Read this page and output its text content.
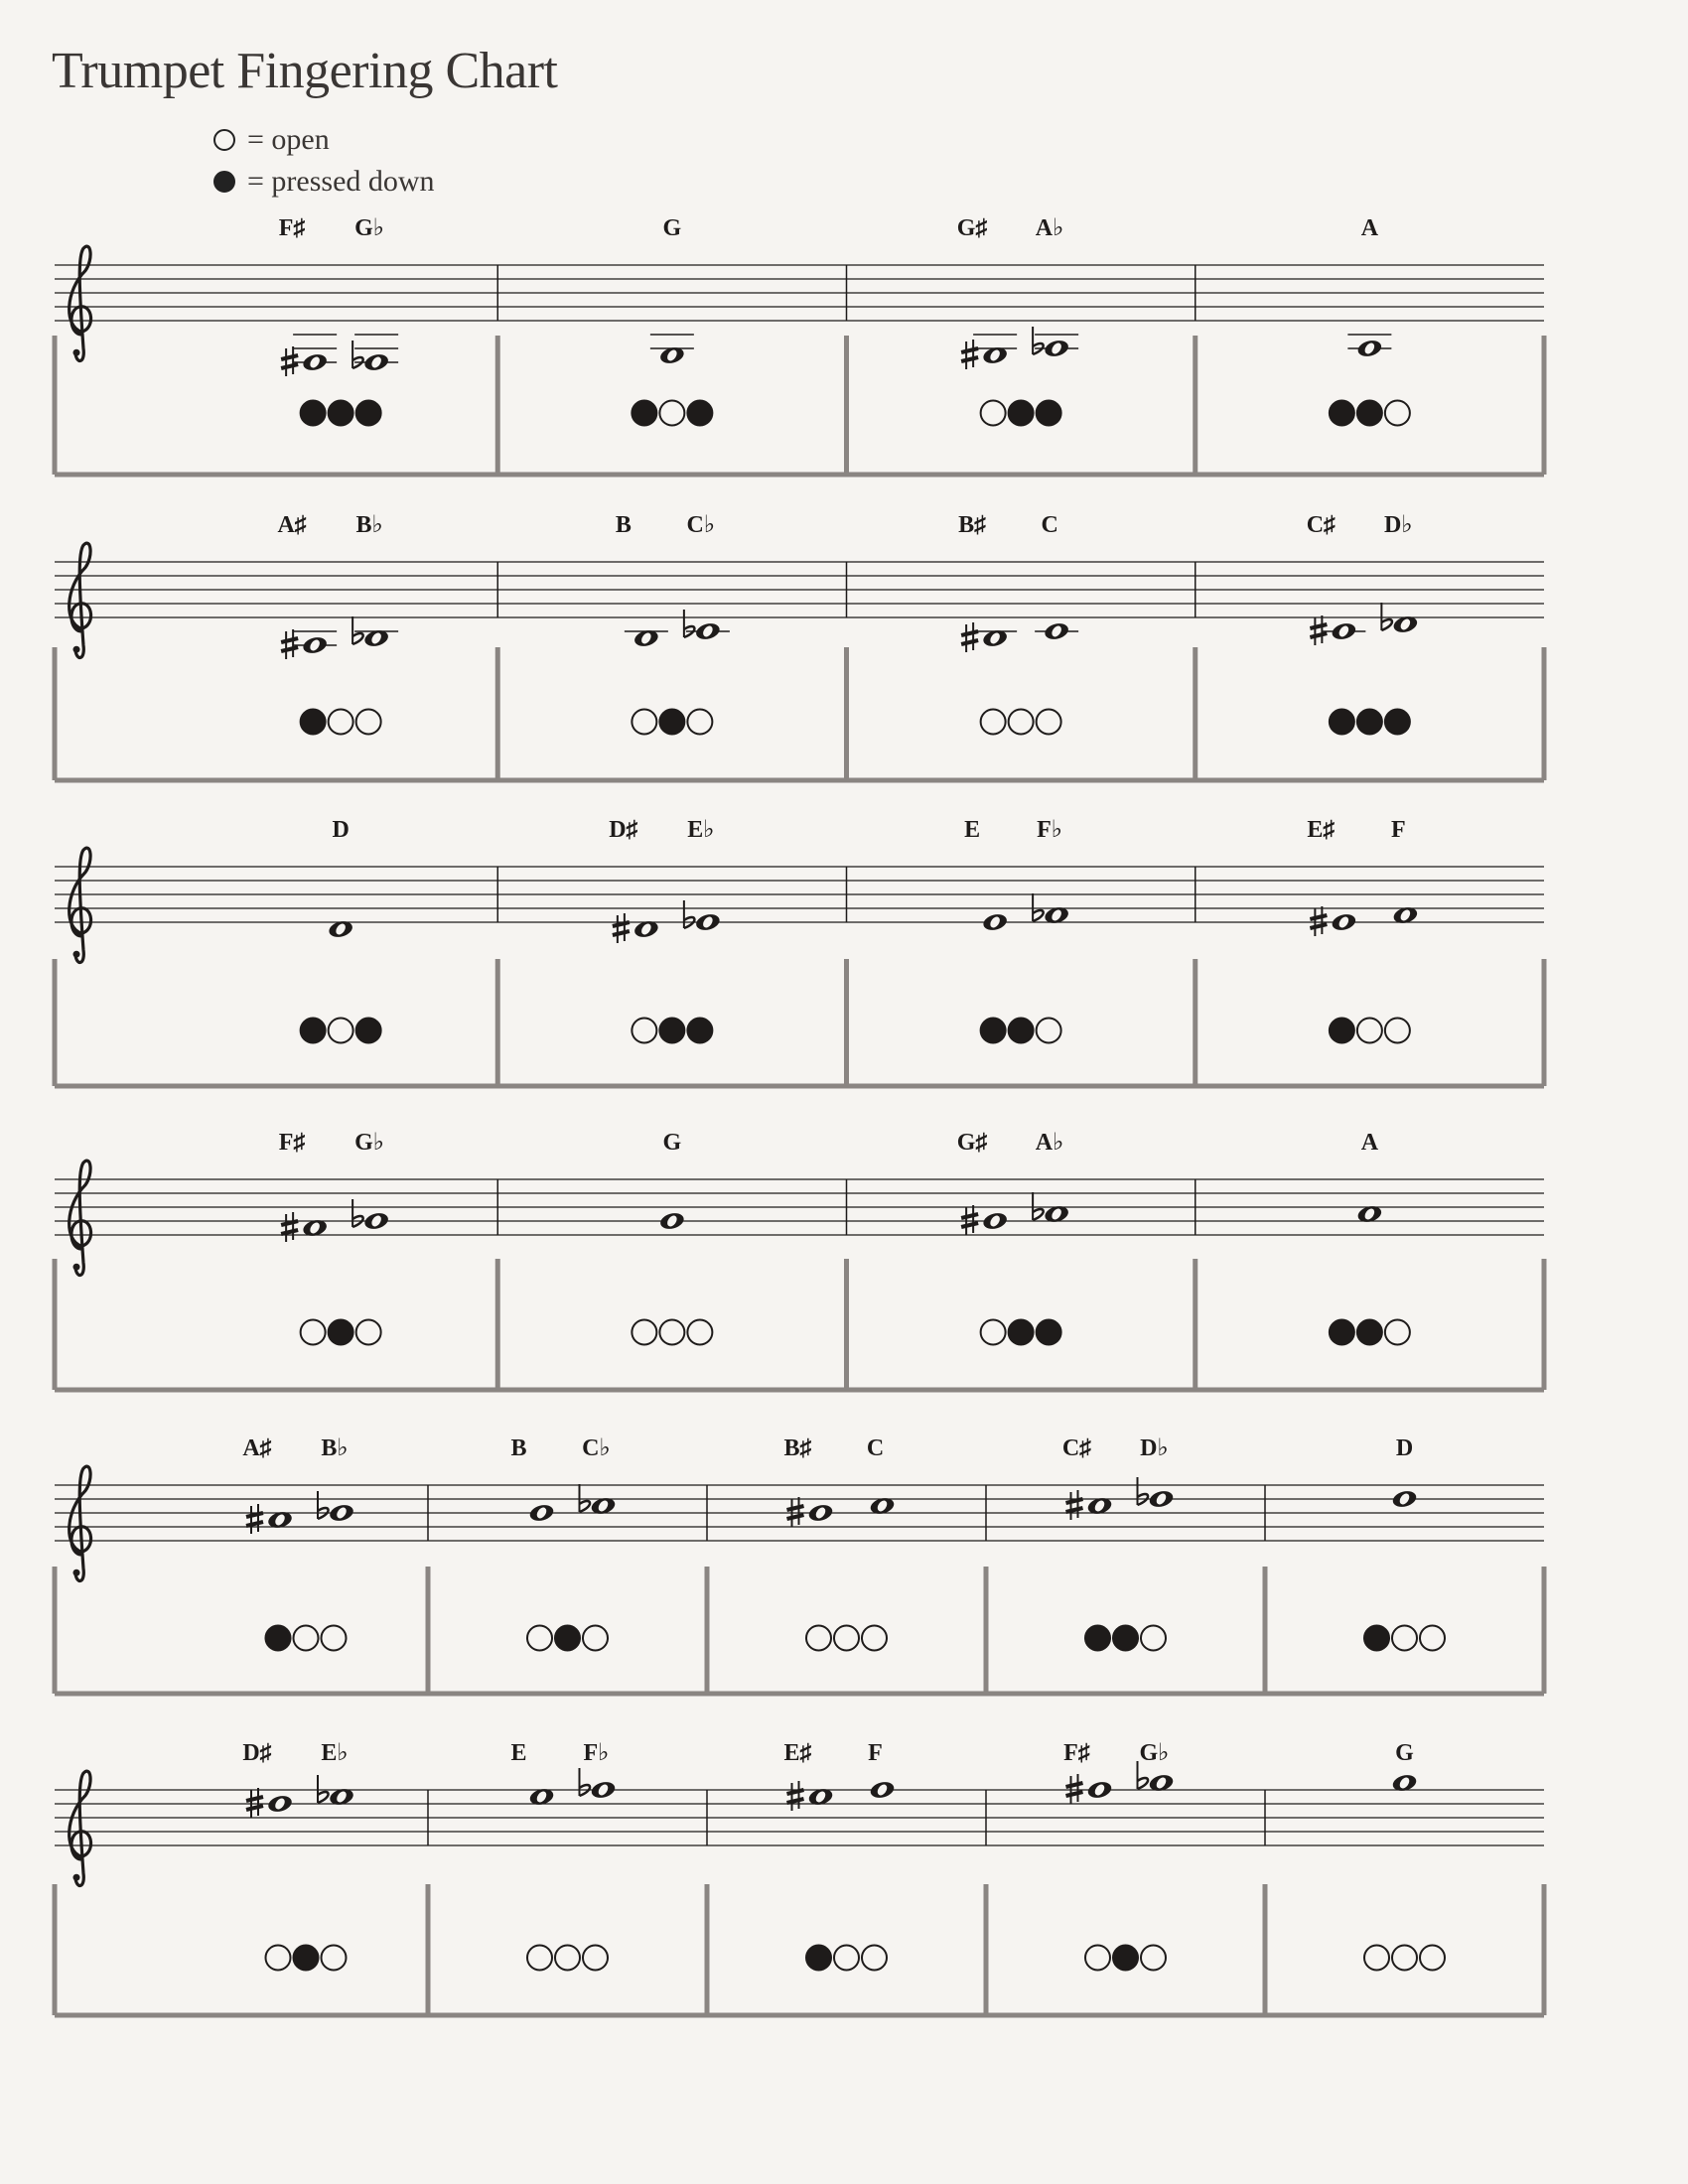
Trumpet Fingering Chart
= open
= pressed down
F♯ G♭	G	G♯ A♭	A
A♯ B♭	B C♭	B♯ C	C♯ D♭
D	D♯ E♭	E F♭	E♯ F
F♯ G♭	G	G♯ A♭	A
A♯ B♭	B C♭	B♯ C	C♯ D♭	D
D♯ E♭	E F♭	E♯ F	F♯ G♭	G
